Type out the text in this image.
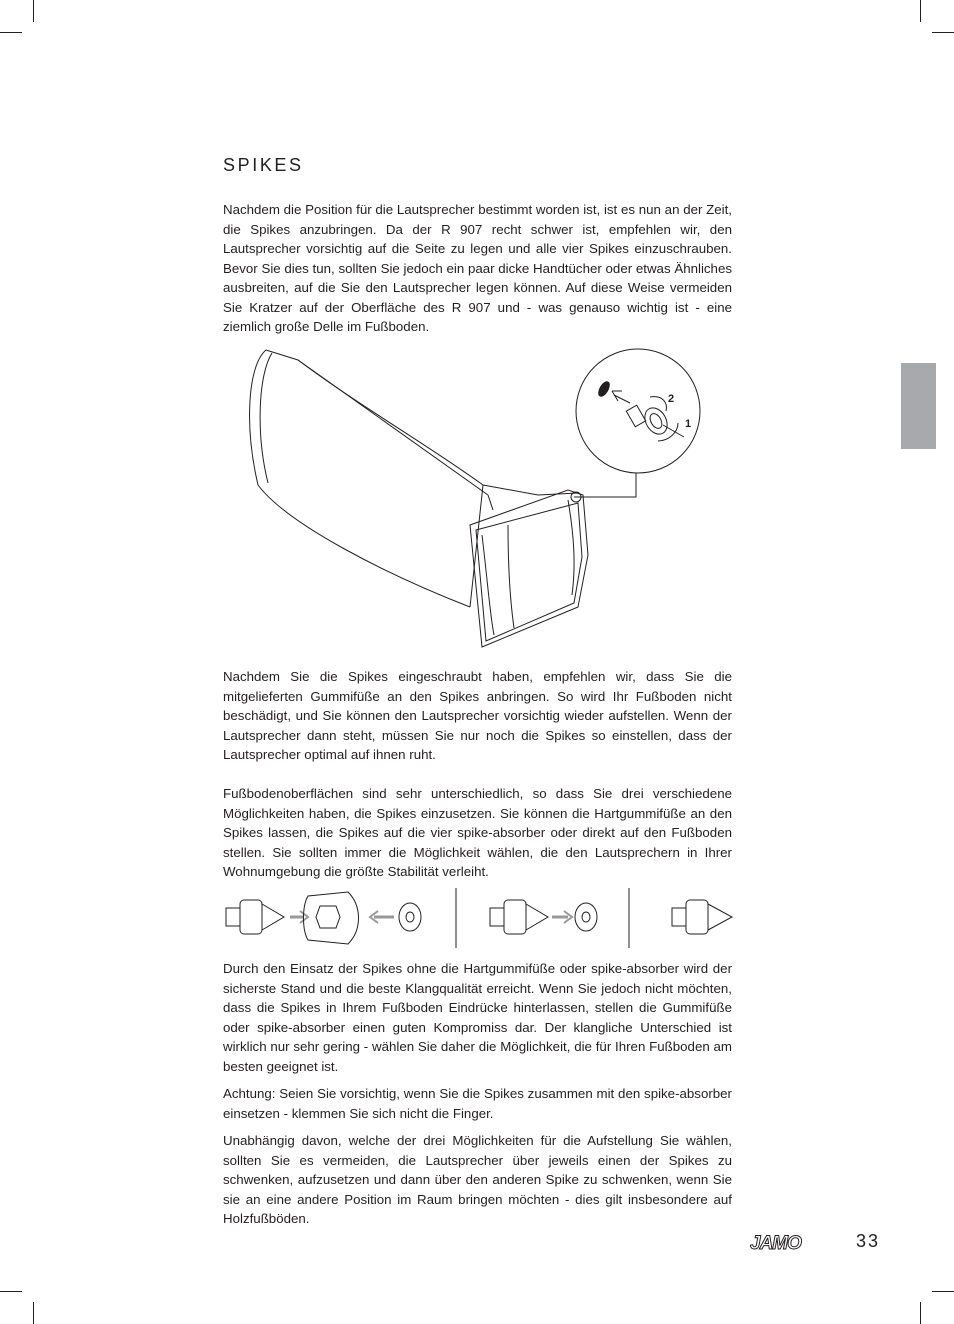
SPIKES

Nachdem die Position für die Lautsprecher bestimmt worden ist, ist es nun an der Zeit, die Spikes anzubringen. Da der R 907 recht schwer ist, empfehlen wir, den Lautsprecher vorsichtig auf die Seite zu legen und alle vier Spikes einzuschrauben. Bevor Sie dies tun, sollten Sie jedoch ein paar dicke Handtücher oder etwas Ähnliches ausbreiten, auf die Sie den Lautsprecher legen können. Auf diese Weise vermeiden Sie Kratzer auf der Oberfläche des R 907 und - was genauso wichtig ist - eine ziemlich große Delle im Fußboden.

2
1

Nachdem Sie die Spikes eingeschraubt haben, empfehlen wir, dass Sie die mitgelieferten Gummifüße an den Spikes anbringen. So wird Ihr Fußboden nicht beschädigt, und Sie können den Lautsprecher vorsichtig wieder aufstellen. Wenn der Lautsprecher dann steht, müssen Sie nur noch die Spikes so einstellen, dass der Lautsprecher optimal auf ihnen ruht.

Fußbodenoberflächen sind sehr unterschiedlich, so dass Sie drei verschiedene Möglichkeiten haben, die Spikes einzusetzen. Sie können die Hartgummifüße an den Spikes lassen, die Spikes auf die vier spike-absorber oder direkt auf den Fußboden stellen. Sie sollten immer die Möglichkeit wählen, die den Lautsprechern in Ihrer Wohnumgebung die größte Stabilität verleiht.

Durch den Einsatz der Spikes ohne die Hartgummifüße oder spike-absorber wird der sicherste Stand und die beste Klangqualität erreicht. Wenn Sie jedoch nicht möchten, dass die Spikes in Ihrem Fußboden Eindrücke hinterlassen, stellen die Gummifüße oder spike-absorber einen guten Kompromiss dar. Der klangliche Unterschied ist wirklich nur sehr gering - wählen Sie daher die Möglichkeit, die für Ihren Fußboden am besten geeignet ist.

Achtung: Seien Sie vorsichtig, wenn Sie die Spikes zusammen mit den spike-absorber einsetzen - klemmen Sie sich nicht die Finger.

Unabhängig davon, welche der drei Möglichkeiten für die Aufstellung Sie wählen, sollten Sie es vermeiden, die Lautsprecher über jeweils einen der Spikes zu schwenken, aufzusetzen und dann über den anderen Spike zu schwenken, wenn Sie sie an eine andere Position im Raum bringen möchten - dies gilt insbesondere auf Holzfußböden.

JAMO	33
